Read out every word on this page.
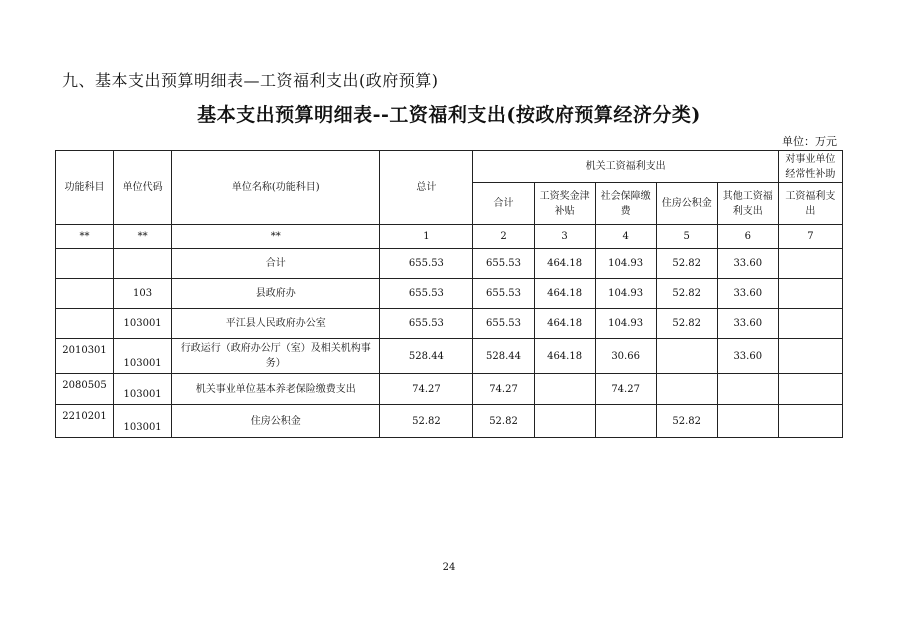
九、基本支出预算明细表—工资福利支出(政府预算)
基本支出预算明细表--工资福利支出(按政府预算经济分类)
单位：万元
功能科目	单位代码	单位名称(功能科目)	总计	机关工资福利支出					对事业单位经常性补助
				合计	工资奖金津补贴	社会保障缴费	住房公积金	其他工资福利支出	工资福利支出
**	**	**	1	2	3	4	5	6	7
		合计	655.53	655.53	464.18	104.93	52.82	33.60	
	103	县政府办	655.53	655.53	464.18	104.93	52.82	33.60	
	103001	平江县人民政府办公室	655.53	655.53	464.18	104.93	52.82	33.60	
2010301	103001	行政运行（政府办公厅（室）及相关机构事务）	528.44	528.44	464.18	30.66		33.60	
2080505	103001	机关事业单位基本养老保险缴费支出	74.27	74.27		74.27			
2210201	103001	住房公积金	52.82	52.82			52.82		
24
